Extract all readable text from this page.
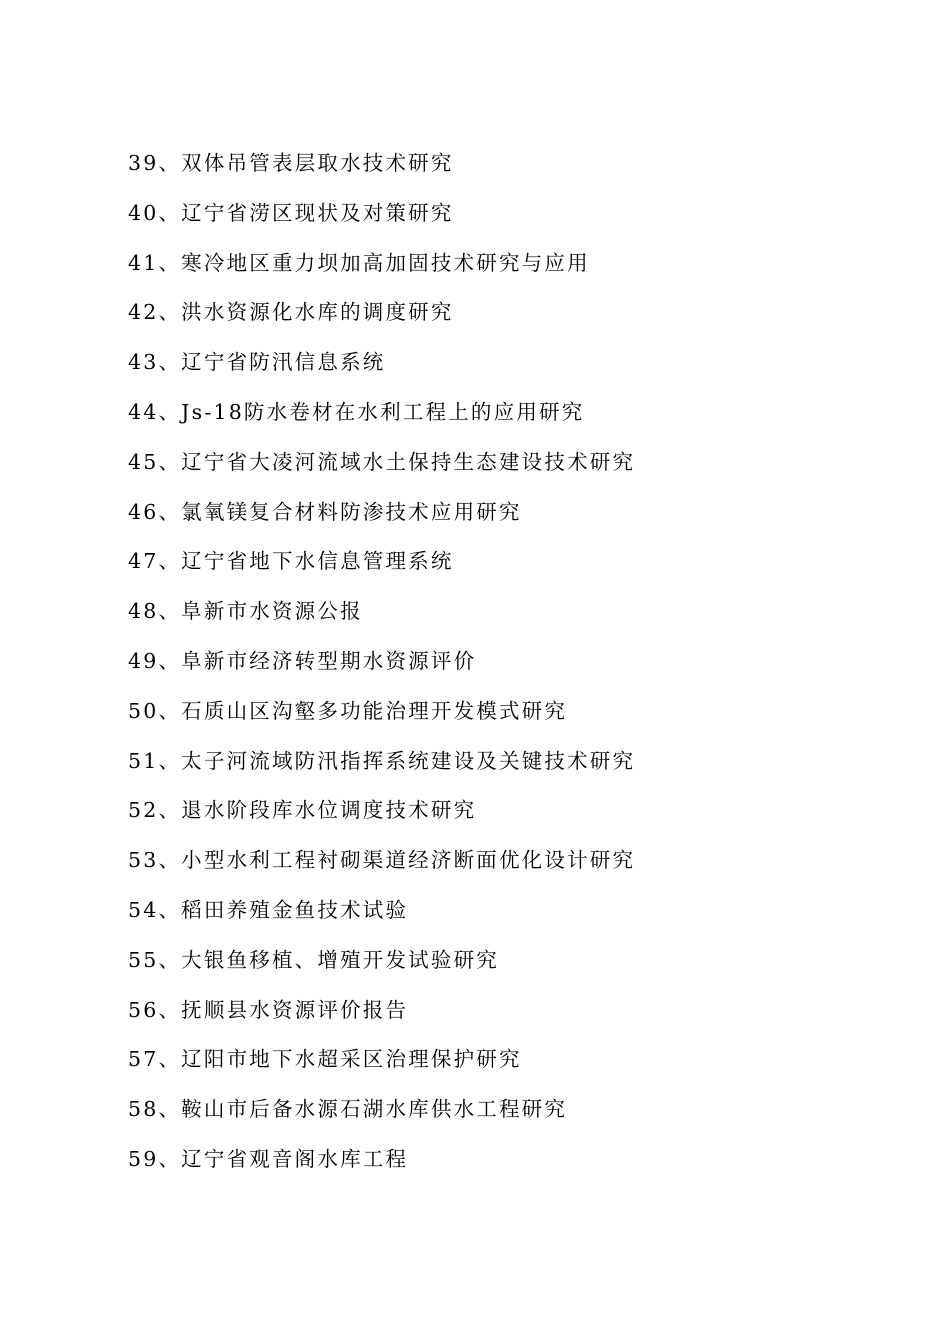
39、双体吊管表层取水技术研究
40、辽宁省涝区现状及对策研究
41、寒冷地区重力坝加高加固技术研究与应用
42、洪水资源化水库的调度研究
43、辽宁省防汛信息系统
44、Js-18防水卷材在水利工程上的应用研究
45、辽宁省大凌河流域水土保持生态建设技术研究
46、氯氧镁复合材料防渗技术应用研究
47、辽宁省地下水信息管理系统
48、阜新市水资源公报
49、阜新市经济转型期水资源评价
50、石质山区沟壑多功能治理开发模式研究
51、太子河流域防汛指挥系统建设及关键技术研究
52、退水阶段库水位调度技术研究
53、小型水利工程衬砌渠道经济断面优化设计研究
54、稻田养殖金鱼技术试验
55、大银鱼移植、增殖开发试验研究
56、抚顺县水资源评价报告
57、辽阳市地下水超采区治理保护研究
58、鞍山市后备水源石湖水库供水工程研究
59、辽宁省观音阁水库工程
